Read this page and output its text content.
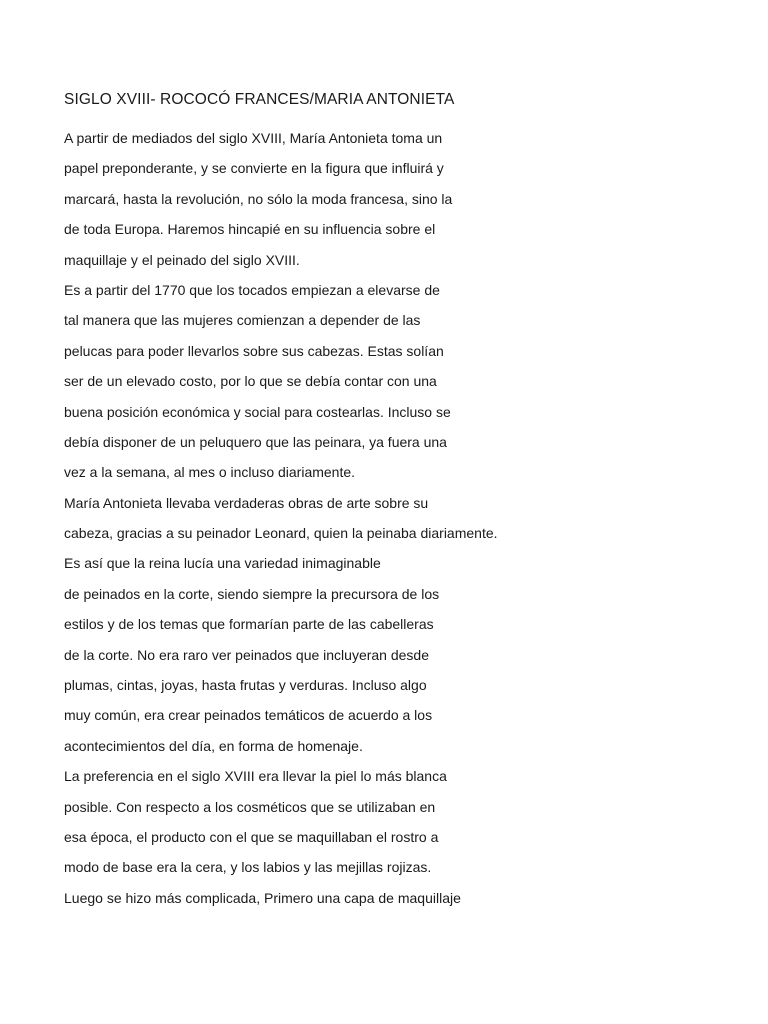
SIGLO XVIII- ROCOCÓ FRANCES/MARIA ANTONIETA
A partir de mediados del siglo XVIII, María Antonieta toma un
papel preponderante, y se convierte en la figura que influirá y
marcará, hasta la revolución, no sólo la moda francesa, sino la
de toda Europa. Haremos hincapié en su influencia sobre el
maquillaje y el peinado del siglo XVIII.
Es a partir del 1770 que los tocados empiezan a elevarse de
tal manera que las mujeres comienzan a depender de las
pelucas para poder llevarlos sobre sus cabezas. Estas solían
ser de un elevado costo, por lo que se debía contar con una
buena posición económica y social para costearlas. Incluso se
debía disponer de un peluquero que las peinara, ya fuera una
vez a la semana, al mes o incluso diariamente.
María Antonieta llevaba verdaderas obras de arte sobre su
cabeza, gracias a su peinador Leonard, quien la peinaba diariamente.
Es así que la reina lucía una variedad inimaginable
de peinados en la corte, siendo siempre la precursora de los
estilos y de los temas que formarían parte de las cabelleras
de la corte. No era raro ver peinados que incluyeran desde
plumas, cintas, joyas, hasta frutas y verduras. Incluso algo
muy común, era crear peinados temáticos de acuerdo a los
acontecimientos del día, en forma de homenaje.
La preferencia en el siglo XVIII era llevar la piel lo más blanca
posible. Con respecto a los cosméticos que se utilizaban en
esa época, el producto con el que se maquillaban el rostro a
modo de base era la cera, y los labios y las mejillas rojizas.
Luego se hizo más complicada, Primero una capa de maquillaje
